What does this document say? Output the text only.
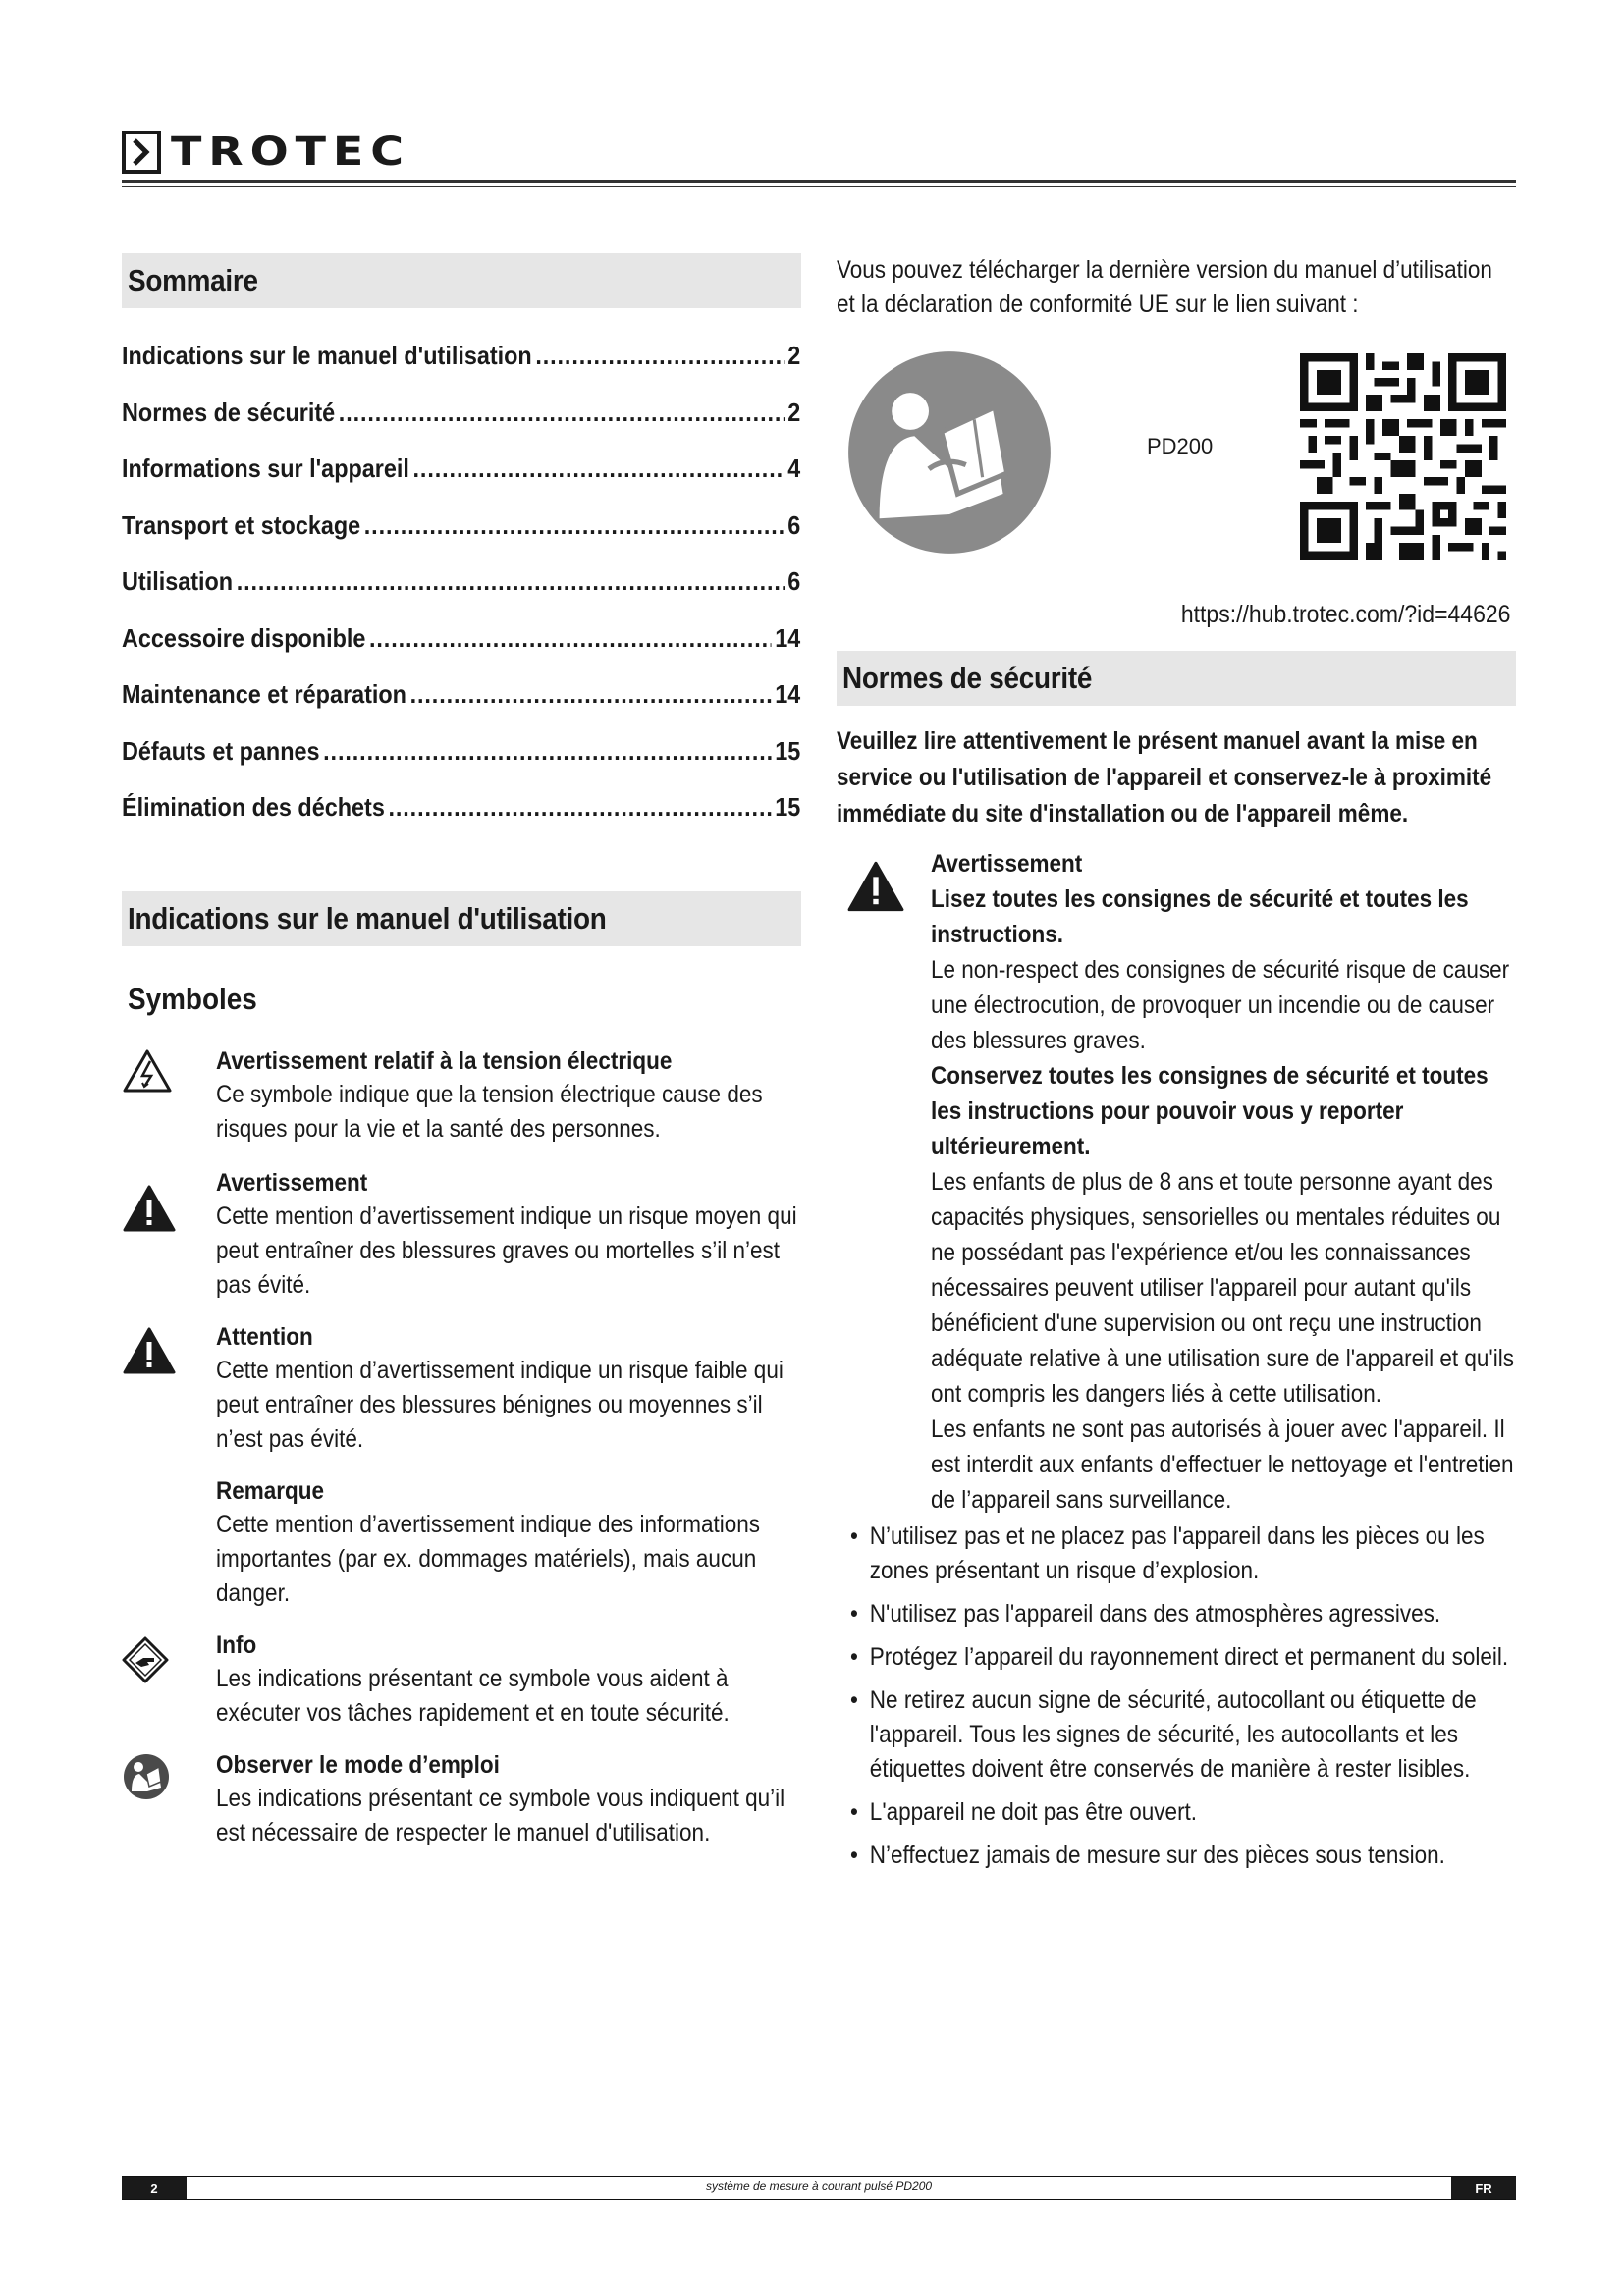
TROTEC
Sommaire
Indications sur le manuel d'utilisation .....	2
Normes de sécurité .....	2
Informations sur l'appareil .....	4
Transport et stockage .....	6
Utilisation .....	6
Accessoire disponible .....	14
Maintenance et réparation .....	14
Défauts et pannes .....	15
Élimination des déchets .....	15
Indications sur le manuel d'utilisation
Symboles
Avertissement relatif à la tension électrique
Ce symbole indique que la tension électrique cause des risques pour la vie et la santé des personnes.
Avertissement
Cette mention d’avertissement indique un risque moyen qui peut entraîner des blessures graves ou mortelles s’il n’est pas évité.
Attention
Cette mention d’avertissement indique un risque faible qui peut entraîner des blessures bénignes ou moyennes s’il n’est pas évité.
Remarque
Cette mention d’avertissement indique des informations importantes (par ex. dommages matériels), mais aucun danger.
Info
Les indications présentant ce symbole vous aident à exécuter vos tâches rapidement et en toute sécurité.
Observer le mode d’emploi
Les indications présentant ce symbole vous indiquent qu’il est nécessaire de respecter le manuel d'utilisation.
Vous pouvez télécharger la dernière version du manuel d’utilisation et la déclaration de conformité UE sur le lien suivant :
PD200
https://hub.trotec.com/?id=44626
Normes de sécurité
Veuillez lire attentivement le présent manuel avant la mise en service ou l'utilisation de l'appareil et conservez-le à proximité immédiate du site d'installation ou de l'appareil même.
Avertissement
Lisez toutes les consignes de sécurité et toutes les instructions.
Le non-respect des consignes de sécurité risque de causer une électrocution, de provoquer un incendie ou de causer des blessures graves.
Conservez toutes les consignes de sécurité et toutes les instructions pour pouvoir vous y reporter ultérieurement.
Les enfants de plus de 8 ans et toute personne ayant des capacités physiques, sensorielles ou mentales réduites ou ne possédant pas l'expérience et/ou les connaissances nécessaires peuvent utiliser l'appareil pour autant qu'ils bénéficient d'une supervision ou ont reçu une instruction adéquate relative à une utilisation sure de l'appareil et qu'ils ont compris les dangers liés à cette utilisation.
Les enfants ne sont pas autorisés à jouer avec l'appareil. Il est interdit aux enfants d'effectuer le nettoyage et l'entretien de l’appareil sans surveillance.
• N’utilisez pas et ne placez pas l'appareil dans les pièces ou les zones présentant un risque d’explosion.
• N'utilisez pas l'appareil dans des atmosphères agressives.
• Protégez l’appareil du rayonnement direct et permanent du soleil.
• Ne retirez aucun signe de sécurité, autocollant ou étiquette de l'appareil. Tous les signes de sécurité, les autocollants et les étiquettes doivent être conservés de manière à rester lisibles.
• L'appareil ne doit pas être ouvert.
• N’effectuez jamais de mesure sur des pièces sous tension.
système de mesure à courant pulsé PD200
2	FR
